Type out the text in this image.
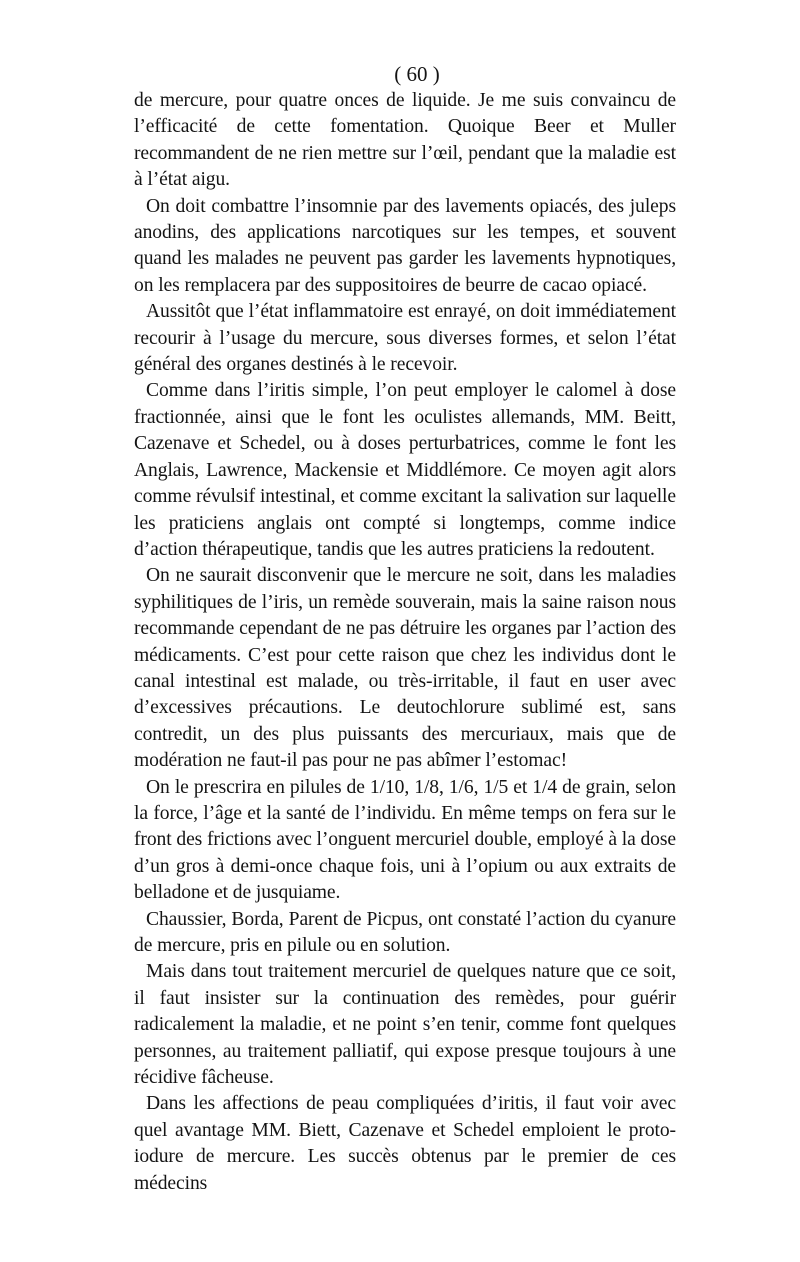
( 60 )

de mercure, pour quatre onces de liquide. Je me suis convaincu de l’efficacité de cette fomentation. Quoique Beer et Muller recommandent de ne rien mettre sur l’œil, pendant que la maladie est à l’état aigu.

On doit combattre l’insomnie par des lavements opiacés, des juleps anodins, des applications narcotiques sur les tempes, et souvent quand les malades ne peuvent pas garder les lavements hypnotiques, on les remplacera par des suppositoires de beurre de cacao opiacé.

Aussitôt que l’état inflammatoire est enrayé, on doit immédiatement recourir à l’usage du mercure, sous diverses formes, et selon l’état général des organes destinés à le recevoir.

Comme dans l’iritis simple, l’on peut employer le calomel à dose fractionnée, ainsi que le font les oculistes allemands, MM. Beitt, Cazenave et Schedel, ou à doses perturbatrices, comme le font les Anglais, Lawrence, Mackensie et Middlémore. Ce moyen agit alors comme révulsif intestinal, et comme excitant la salivation sur laquelle les praticiens anglais ont compté si longtemps, comme indice d’action thérapeutique, tandis que les autres praticiens la redoutent.

On ne saurait disconvenir que le mercure ne soit, dans les maladies syphilitiques de l’iris, un remède souverain, mais la saine raison nous recommande cependant de ne pas détruire les organes par l’action des médicaments. C’est pour cette raison que chez les individus dont le canal intestinal est malade, ou très-irritable, il faut en user avec d’excessives précautions. Le deutochlorure sublimé est, sans contredit, un des plus puissants des mercuriaux, mais que de modération ne faut-il pas pour ne pas abîmer l’estomac!

On le prescrira en pilules de 1/10, 1/8, 1/6, 1/5 et 1/4 de grain, selon la force, l’âge et la santé de l’individu. En même temps on fera sur le front des frictions avec l’onguent mercuriel double, employé à la dose d’un gros à demi-once chaque fois, uni à l’opium ou aux extraits de belladone et de jusquiame.

Chaussier, Borda, Parent de Picpus, ont constaté l’action du cyanure de mercure, pris en pilule ou en solution.

Mais dans tout traitement mercuriel de quelques nature que ce soit, il faut insister sur la continuation des remèdes, pour guérir radicalement la maladie, et ne point s’en tenir, comme font quelques personnes, au traitement palliatif, qui expose presque toujours à une récidive fâcheuse.

Dans les affections de peau compliquées d’iritis, il faut voir avec quel avantage MM. Biett, Cazenave et Schedel emploient le proto-iodure de mercure. Les succès obtenus par le premier de ces médecins
